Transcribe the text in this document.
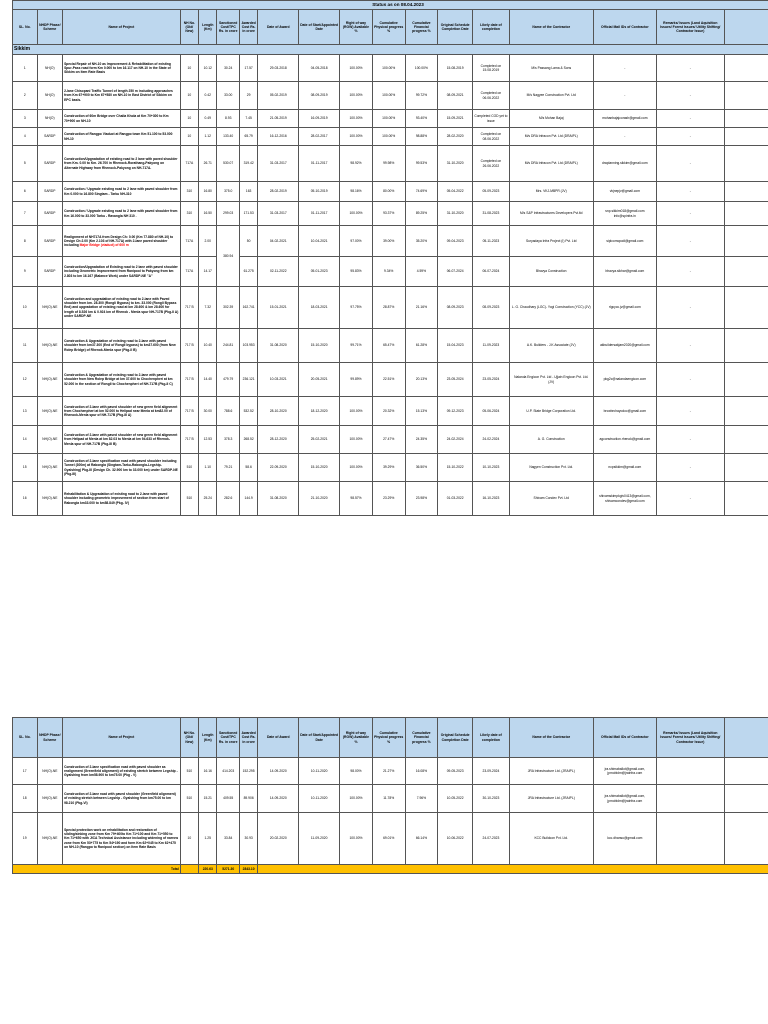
Status as on 08.04.2023																	
SL. No.	NHDP Phase/ Scheme	Name of Project	NH No. (Old/ New)	Length (Km)	Sanctioned Cost/TPC Rs. in crore	Awarded Cost Rs. in crore	Date of Award	Date of Start/Appointed Date	Right of way (ROW) Available %	Cumulative Physical progress %	Cumulative Financial progress %	Original Schedule Completion Date	Likely date of completion	Name of the Contractor	Official Mail IDs of Contractor	Remarks/ Issues (Land Aquisition Issues/ Forest Issues/ Utility Shifting/ Contractor Issue)	
Sikkim																	
1	NH(O)	Special Repair of NH-10 as Improvement & Rehabilitation of existing Spur-Pass road form Km 0.000 to km 16.117 on NH-10 in the State of Sikkim on Item Rate Basis	10	10.12	30.24	17.57	29-03-2018	04-05-2018	100.00%	100.00%	100.00%	15-08-2019	Completed on 15.08.2019	M/s Passang Lama & Sons	-	-	
2	NH(O)	2-lane Chisopani Traffic Tunnel of length 250 m including approaches from Km 67+900 to Km 67+580 on NH-10 in East District of Sikkim on EPC basis.	10	0.42	33.00	29	05-02-2019	08-09-2019	100.00%	100.00%	99.72%	08-09-2021	Completed on 06.06.2022	M/s Nagyee Construction Pvt. Ltd	-	-	
3	NH(O)	Construction of 60m Bridge over Chalia Khola at Km 70+300 to Km 70+900 on NH-10	10	0.49	8.93	7.45	21-05-2019	16-09-2019	100.00%	100.00%	93.40%	15-09-2021	Completed COD yet to issue	M/s Mohan Bajaj	mohanbajajcorash@gmail.com	-	
4	SARDP	Construction of Rangpo Viaduct at Rangpo town Km 51.100 to 53.000 NH-10	10	1.12	133.40	65.79	16-12-2016	28-02-2017	100.00%	100.00%	98.88%	28-02-2020	Completed on 08.06.2022	M/s DRA Infracon Pvt. Ltd (DRAIPL)	-	-	
5	SARDP	Construction/Upgradation of existing road to 2 lane with paved shoulder from Km. 0.00 to Km. 26.700 in Rhenock-Rorathang-Pakyong on Alternate Highway from Rhenock-Pakyong on NH-717A.	717A	26.71	530.07	319.42	31-03-2017	01-11-2017	98.92%	99.98%	99.53%	31-10-2020	Completed on 26.06.2022	M/s DRA Infracon Pvt. Ltd (DRAIPL)	draplanning.sikkim@gmail.com	-	
6	SARDP	Construction / Upgrade existing road to 2 lane with paved shoulder from Km 0.000 to 16.800 Singtam - Tarku NH-310	310	16.80	375.0	163	28-02-2019	05-10-2019	98.16%	80.00%	74.69%	05-04-2022	05-09-2023	Mrs. VKJ-MBPR (JV)	vkjnepjv@gmail.com	-	
7	SARDP	Construction / Upgrade existing road to 2 lane with paved shoulder from Km 16.000 to 33.000 Tarku - Ravangla NH 310 .	310	16.50	299.03	171.53	31-03-2017	01-11-2017	100.00%	93.37%	89.25%	31-10-2020	31-08-2023	M/s S&P Infrastructures Developers Pvt.ltd	snp.sikkim018@gmail.com info@spinfra.in	-	
8	SARDP	Realignment of NH717A from Design Ch: 0.00 (Km 77.880 of NH-10) to Design Ch:2.00 (Km 2.103 of NH-717A) with 2-lane paved shoulder including Major Bridge (viaduct) of 600 m	717A	2.00	380.94	50	04-02-2021	10-04-2021	97.00%	39.00%	35.20%	09-04-2023	05-11-2023	Suryadaya Infra Project (I) Pvt. Ltd	siplcorrapodi@gmail.com	-	
9	SARDP	Construction/Upgradation of Existing road to 2 lane with paved shoulder including Geometric Improvement from Ranipool to Pakyong from km 2.803 to km 16.167 (Balance Work) under SARDP-NE "A"	717A	14.17		61.275	02-11-2022	05-01-2023	95.83%	9.34%	4.59%	06-07-2024	06-07-2024	Bhavya Construction	bhavya.sikhar@gmail.com	-	
10	NH(O)-NE	Construction and upgradation of existing road to 2-lane with Paved shoulder from km. 28.300 (Rongli Bypass) to km. 33.000 (Rongli Bypass End) and upgradation of existing road at km 28.600 & km 28.600 for length of 8.526 km & 0.924 km of Rhenok - Menla spur NH-717B (Pkg-II A) under SARDP-NE	717 B	7.32	302.39	162.741	15-01-2021	18-03-2021	97.75%	28.87%	21.16%	08-09-2023	08-09-2023	L. G. Chaudhary (LGC)- Yogi Construction (YCC) (JV)	rlgcycc.jv@gmail.com	-	
11	NH(O)-NE	Construction & Upgradation of existing road to 2-lane with paved shoulder from km37.300 (End of Rongli bypass) to km37.600 (from New Rolep Bridge) of Rhenok-Menla spur (Pkg-II B)	717 B	10.40	244.81	103.953	31-08-2020	15-10-2020	99.71%	65.47%	61.28%	15-04-2023	11-09-2023	A.K. Builders - J.K Associate (JV)	akbuildersakjam2020@gmail.com	-	
12	NH(O)-NE	Construction & Upgradation of existing road to 2-lane with paved shoulder from New Rolep Bridge at km 37.600 to Chochenpheri at km 52.000 in the section of Rongli to Chochenpheri of NH-717B (Pkg-II C)	717 B	14.40	479.79	236.121	10-03-2021	20-05-2021	99.89%	22.51%	20.13%	23-05-2024	23-05-2024	Nalanda Engicon Pvt. Ltd - Ujjain Engicon Pvt. Ltd. (JV)	pkg2c@nalandaengicon.com	-	
13	NH(O)-NE	Construction of 2-lane with paved shoulder of new green field alignment from Chochenpheri at km 52.000 to Helipad near Menla at km82.00 of Rhenock-Menla spur of NH-717B (Pkg-III A)	717 B	30.00	788.6	532.52	28-10-2020	18-12-2020	100.00%	20.32%	15.13%	09-12-2023	05-06-2024	U.P. State Bridge Corporation Ltd.	brcwbrchayodoc@gmail.com	-	
14	NH(O)-NE	Construction of 2-lane with paved shoulder of new green field alignment from Helipad at Menla at km 82.03 to Menla at km 94.633 of Rhenok-Menla spur of NH-717B (Pkg-III B)	717 B	12.53	378.3	268.52	28-12-2020	25-02-2021	100.00%	27.47%	24.35%	24-02-2024	24-02-2024	A. G. Construction	agconstruction.rhenok@gmail.com	-	
15	NH(O)-NE	Construction of 2-lane specification road with paved shoulder including Tunnel (300m) at Rabongla (Singtam-Tarku-Rabongla-Legship-Gyalshing) Pkg-III (Design Ch. 32.900 km to 33.000 km) under SARDP-NE (Pkg-III)	510	1.10	79.21	58.6	22-09-2020	15-10-2020	100.00%	39.29%	36.50%	15-10-2022	10-10-2023	Nagyen Construction Pvt. Ltd.	ncpsikkim@gmail.com	-	
16	NH(O)-NE	Rehabilitation & Upgradation of existing road to 2-lane with paved shoulder including geometric improvement of section from start of Rabongla km33.000 to km58.849 (Pkg- IV)	510	25.24	282.6	144.9	31-08-2020	21-10-2020	98.57%	23.29%	23.98%	01-03-2022	16-10-2023	Shivam Condev Pvt. Ltd	shivamskimpkgiv0413@gmail.com, shivamcondev@gmail.com	-	
SL. No.	NHDP Phase/ Scheme	Name of Project	NH No. (Old/ New)	Length (Km)	Sanctioned Cost/TPC Rs. in crore	Awarded Cost Rs. in crore	Date of Award	Date of Start/Appointed Date	Right of way (ROW) Available %	Cumulative Physical progress %	Cumulative Financial progress %	Original Schedule Completion Date	Likely date of completion	Name of the Contractor	Official Mail IDs of Contractor	Remarks/ Issues (Land Aquisition Issues/ Forest Issues/ Utility Shifting/ Contractor Issue)	
17	NH(O)-NE	Construction of 2-lane specification road with paved shoulder as realignment (Greenfield alignment) of existing stretch between Legship - Gyalshing from km58.900 to km75.00 (Pkg - V)	510	16.16	414.203	152.295	14-09-2020	10-11-2020	98.00%	21.27%	16.08%	09-05-2023	23-09-2024	JRA Infrastructure Ltd. (JRAIPL)	jra.shimaballot@gmail.com, jpmobidm@jrainfra.com		
18	NH(O)-NE	Construction of 2-lane road with paved shoulder (Greenfield alignment) of existing stretch between Legship - Gyalshing from km75.00 to km 98.210 (Pkg-VI)	510	15.21	409.55	89.906	14-09-2020	10-11-2020	100.00%	11.78%	7.96%	10-05-2022	30-10-2023	JRA Infrastructure Ltd. (JRAIPL)	jra.shimaballot@gmail.com, jpmobidm@jrainfra.com		
19	NH(O)-NE	Special protection work on rehabilitation and restoration of sliding/sinking zone from Km 79+400to Km 71+100 and Km 71+550 to Km 71+650 with JICA Technical Assistance including widening of narrow zone from Km 53+775 to Km 54+190 and form Km 62+045 to Km 62+475 on NH-10 (Rangpo to Ranipool section) on Item Rate Basis	10	1.25	33.84	30.93	20-02-2020	11-09-2020	100.00%	69.01%	66.14%	10-06-2022	24-07-2023	KCC Buildcon Pvt. Ltd.	kcc.dhansu@gmail.com		
Total				220.63	5271.30	2843.10											
